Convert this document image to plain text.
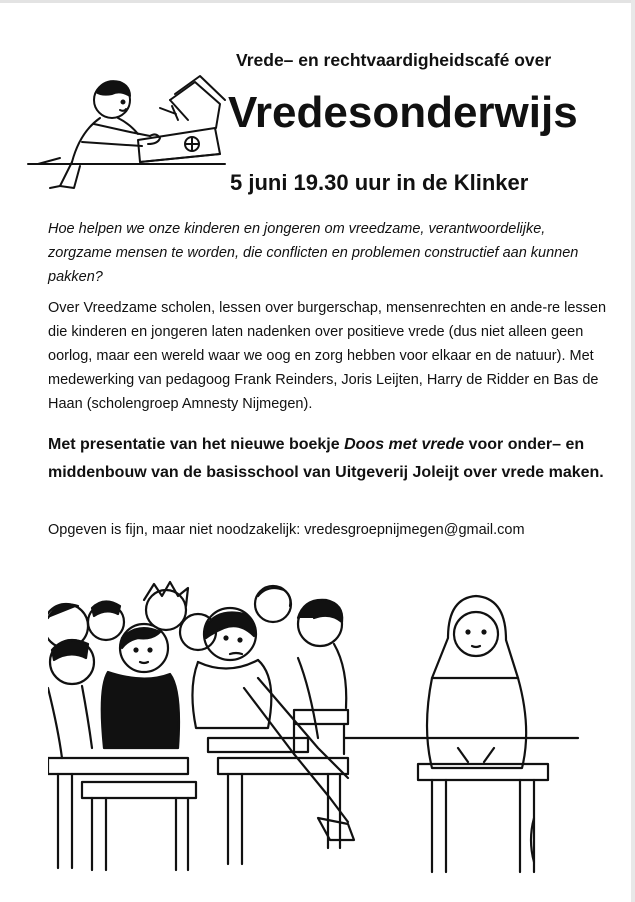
Vrede– en rechtvaardigheidscafé over
Vredesonderwijs
5 juni 19.30 uur in de Klinker

Hoe helpen we onze kinderen en jongeren om vreedzame, verantwoordelijke, zorgzame mensen te worden, die conflicten en problemen constructief aan kunnen pakken?

Over Vreedzame scholen, lessen over burgerschap, mensenrechten en ande-re lessen die kinderen en jongeren laten nadenken over positieve vrede (dus niet alleen geen oorlog, maar een wereld waar we oog en zorg hebben voor elkaar en de natuur). Met medewerking van pedagoog Frank Reinders, Joris Leijten, Harry de Ridder en Bas de Haan (scholengroep Amnesty Nijmegen).

Met presentatie van het nieuwe boekje Doos met vrede voor onder– en middenbouw van de basisschool van Uitgeverij Joleijt over vrede maken.

Opgeven is fijn, maar niet noodzakelijk: vredesgroepnijmegen@gmail.com
